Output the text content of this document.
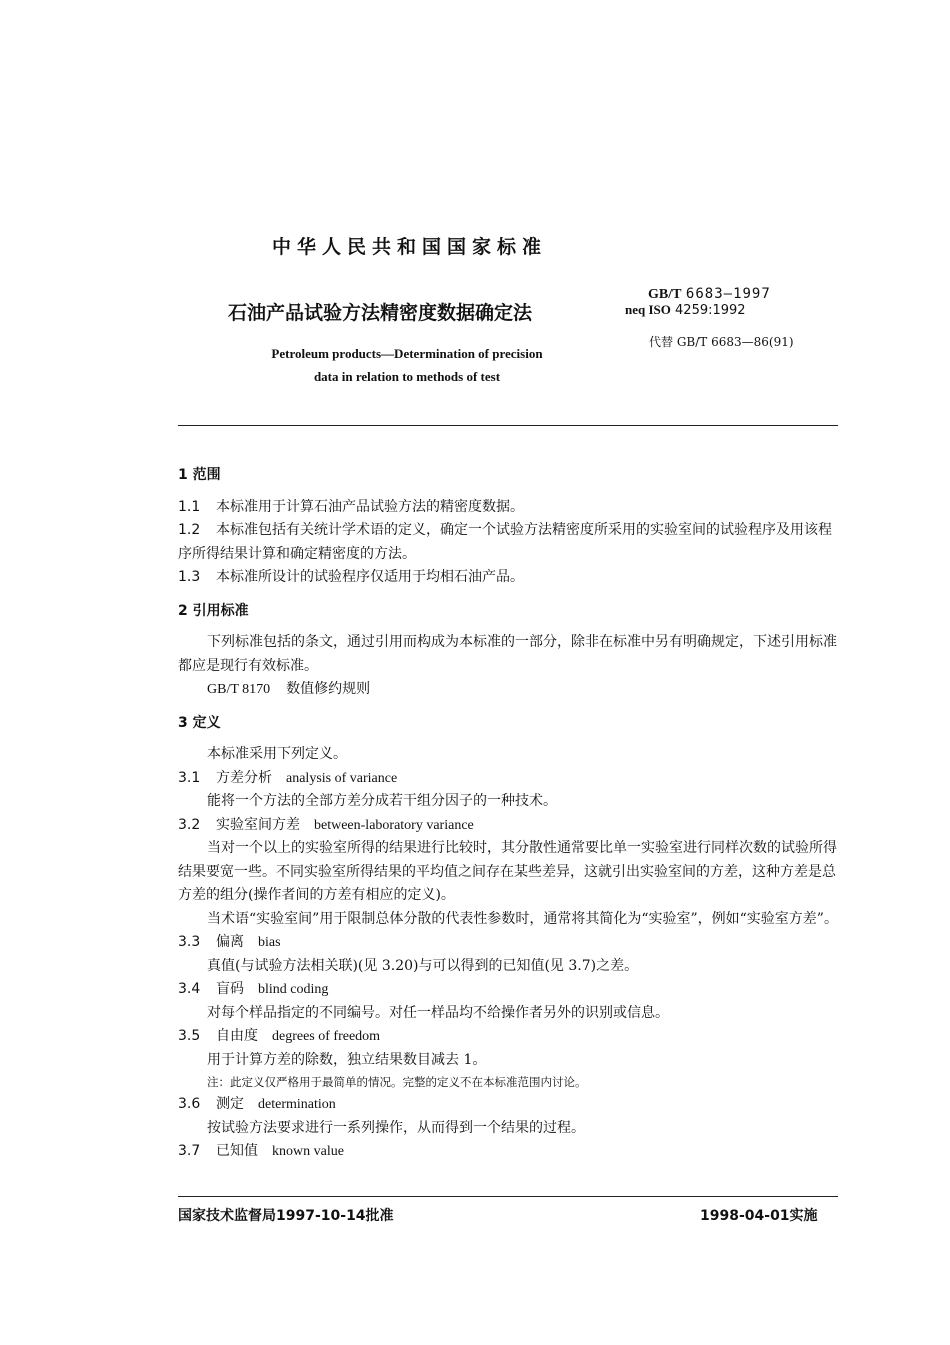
中华人民共和国国家标准
石油产品试验方法精密度数据确定法
GB/T 6683—1997
neq ISO 4259:1992
代替 GB/T 6683—86(91)
Petroleum products—Determination of precision data in relation to methods of test
1 范围

1.1 本标准用于计算石油产品试验方法的精密度数据。

1.2 本标准包括有关统计学术语的定义，确定一个试验方法精密度所采用的实验室间的试验程序及用该程序所得结果计算和确定精密度的方法。

1.3 本标准所设计的试验程序仅适用于均相石油产品。

2 引用标准

下列标准包括的条文，通过引用而构成为本标准的一部分，除非在标准中另有明确规定，下述引用标准都应是现行有效标准。

GB/T 8170 数值修约规则

3 定义

本标准采用下列定义。

3.1 方差分析 analysis of variance

能将一个方法的全部方差分成若干组分因子的一种技术。

3.2 实验室间方差 between-laboratory variance

当对一个以上的实验室所得的结果进行比较时，其分散性通常要比单一实验室进行同样次数的试验所得结果要宽一些。不同实验室所得结果的平均值之间存在某些差异，这就引出实验室间的方差，这种方差是总方差的组分(操作者间的方差有相应的定义)。

当术语“实验室间”用于限制总体分散的代表性参数时，通常将其简化为“实验室”，例如“实验室方差”。

3.3 偏离 bias

真值(与试验方法相关联)(见 3.20)与可以得到的已知值(见 3.7)之差。

3.4 盲码 blind coding

对每个样品指定的不同编号。对任一样品均不给操作者另外的识别或信息。

3.5 自由度 degrees of freedom

用于计算方差的除数，独立结果数目减去 1。

注：此定义仅严格用于最简单的情况。完整的定义不在本标准范围内讨论。

3.6 测定 determination

按试验方法要求进行一系列操作，从而得到一个结果的过程。

3.7 已知值 known value

国家技术监督局1997-10-14批准	1998-04-01实施
